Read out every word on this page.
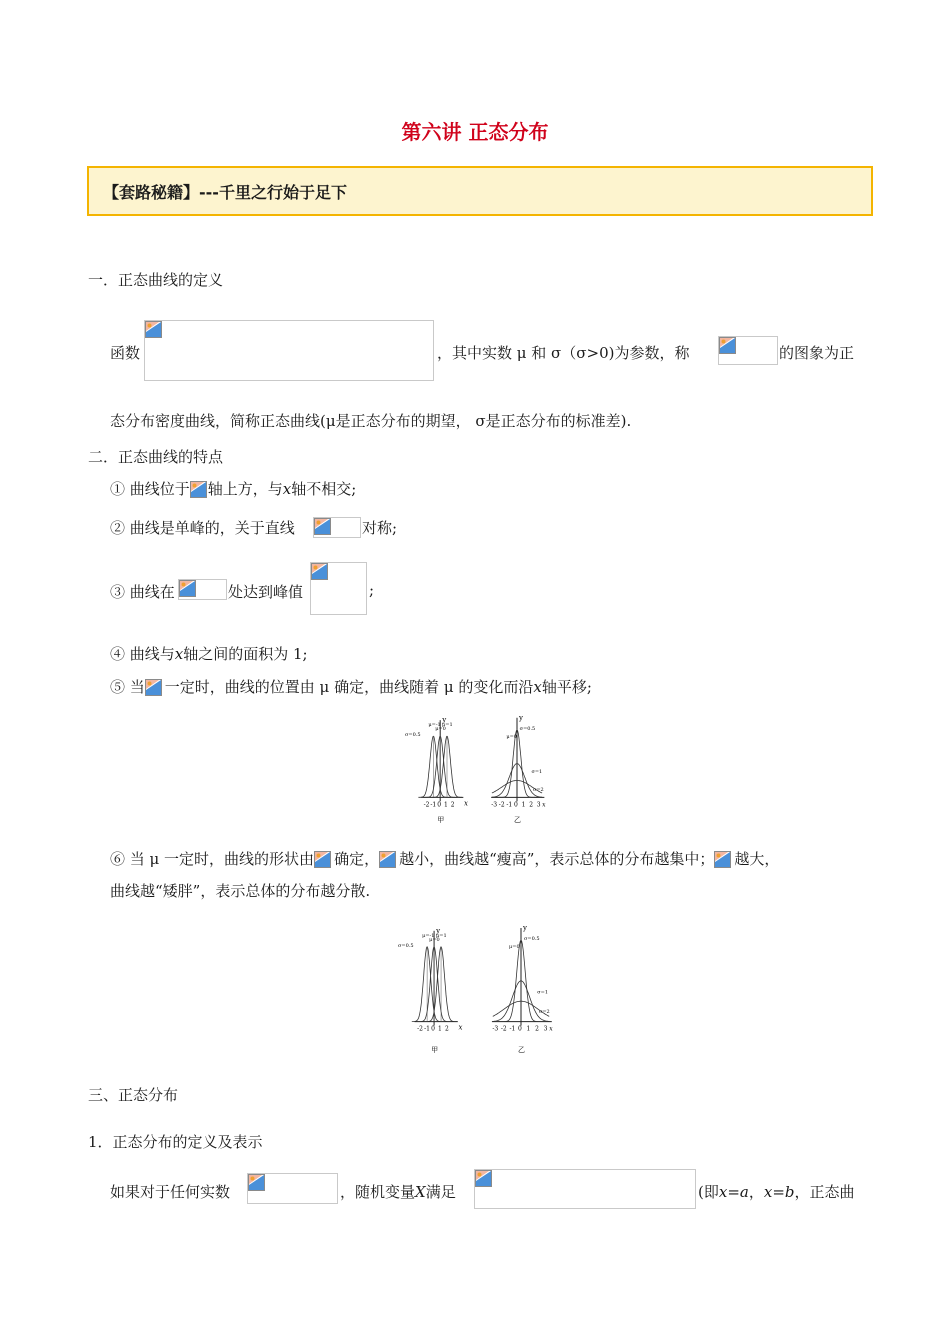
第六讲 正态分布
【套路秘籍】---千里之行始于足下
一．正态曲线的定义
函数	，其中实数 μ 和 σ（σ>0)为参数，称	的图象为正
态分布密度曲线，简称正态曲线(μ是正态分布的期望， σ是正态分布的标准差).
二．正态曲线的特点
① 曲线位于 轴上方，与x轴不相交;
② 曲线是单峰的，关于直线	对称;
③ 曲线在	处达到峰值	;
④ 曲线与x轴之间的面积为 1;
⑤ 当 一定时，曲线的位置由 μ 确定，曲线随着 μ 的变化而沿x轴平移;
y
x
μ=-1
μ=0
μ=1
σ=0.5
-2 -1 0 1 2
甲
y
μ=0
σ=0.5
σ=1
σ=2
-3 -2 -1 0 1 2 3 x
乙
⑥ 当 μ 一定时，曲线的形状由 确定， 越小，曲线越“瘦高”，表示总体的分布越集中； 越大，
曲线越“矮胖”，表示总体的分布越分散.
y
x
μ=-1
μ=0
μ=1
σ=0.5
-2 -1 0 1 2
甲
y
μ=0
σ=0.5
σ=1
σ=2
-3 -2 -1 0 1 2 3 x
乙
三、正态分布
1．正态分布的定义及表示
如果对于任何实数	，随机变量X满足	(即x=a，x=b，正态曲
